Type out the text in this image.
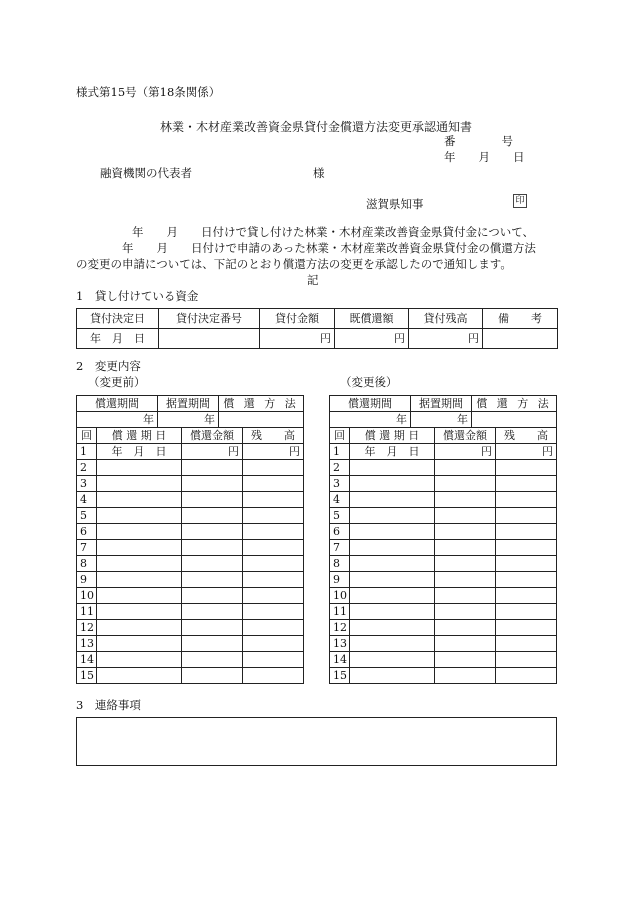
様式第15号（第18条関係）
林業・木材産業改善資金県貸付金償還方法変更承認通知書
番　　　　号
年　　月　　日
融資機関の代表者	様
滋賀県知事	印
年　　月　　日付けで貸し付けた林業・木材産業改善資金県貸付金について、
年　　月　　日付けで申請のあった林業・木材産業改善資金県貸付金の償還方法
の変更の申請については、下記のとおり償還方法の変更を承認したので通知します。
記
1　貸し付けている資金
貸付決定日	貸付決定番号	貸付金額	既償還額	貸付残高	備　　考
年　月　日		円	円	円	
2　変更内容
（変更前）	（変更後）
償還期間		据置期間		償 還 方 法	
年		年			
回	償 還 期 日		償還金額		残　　高
1	年　月　日		円		円
2					
3					
4					
5					
6					
7					
8					
9					
10					
11					
12					
13					
14					
15					
償還期間		据置期間		償 還 方 法	
年		年			
回	償 還 期 日		償還金額		残　　高
1	年　月　日		円		円
2					
3					
4					
5					
6					
7					
8					
9					
10					
11					
12					
13					
14					
15					
3　連絡事項
